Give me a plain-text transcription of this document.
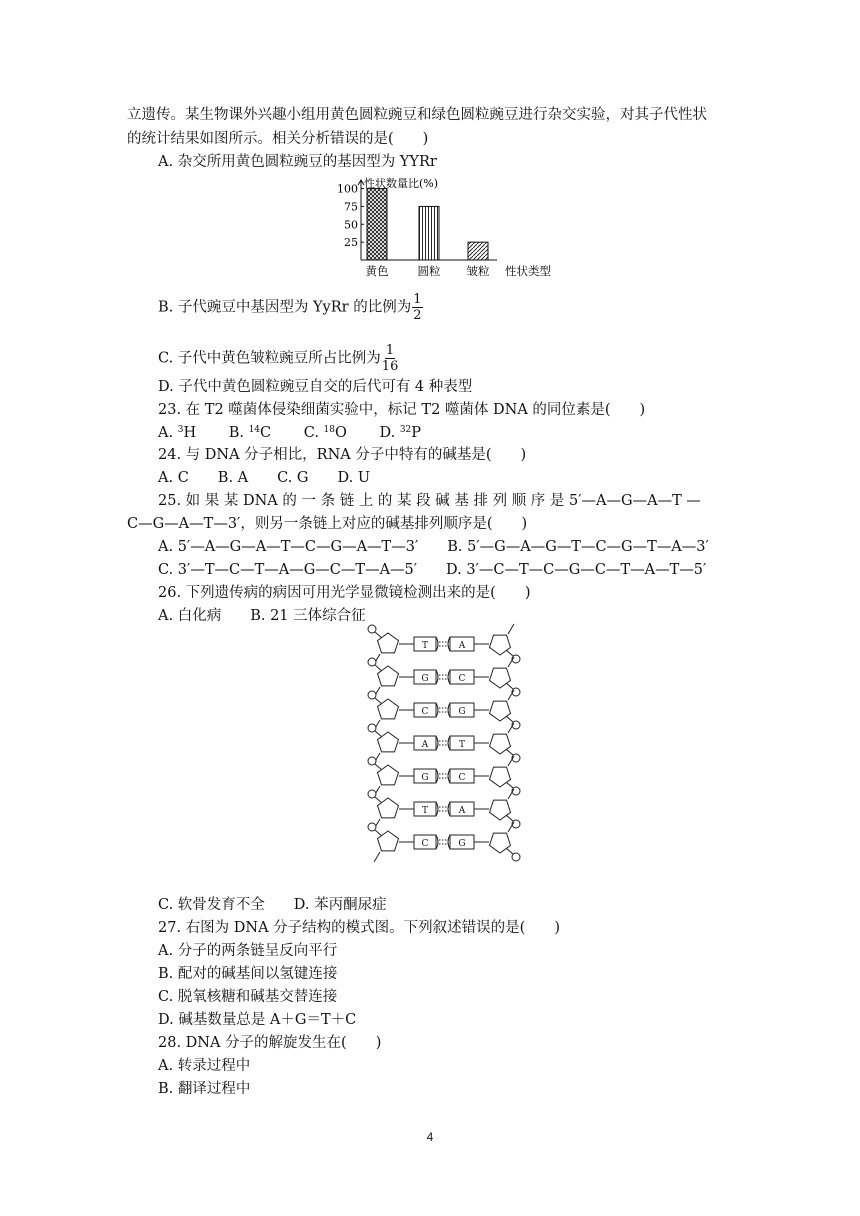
立遗传。某生物课外兴趣小组用黄色圆粒豌豆和绿色圆粒豌豆进行杂交实验，对其子代性状
的统计结果如图所示。相关分析错误的是(　　)
A. 杂交所用黄色圆粒豌豆的基因型为 YYRr
性状数量比(%)
100
75
50
25
黄色	圆粒 皱粒 性状类型
B. 子代豌豆中基因型为 YyRr 的比例为 $\frac{1}{2}$
C. 子代中黄色皱粒豌豆所占比例为 $\frac{1}{16}$
D. 子代中黄色圆粒豌豆自交的后代可有 4 种表型
23. 在 T2 噬菌体侵染细菌实验中，标记 T2 噬菌体 DNA 的同位素是(　　)
A. $^3$H B. $^{14}$C C. $^{18}$O D. $^{32}$P
24. 与 DNA 分子相比，RNA 分子中特有的碱基是(　　)
A. C　　B. A　　C. G　　D. U
25. 如 果 某 DNA 的 一 条 链 上 的 某 段 碱 基 排 列 顺 序 是 5′—A—G—A—T —
C—G—A—T—3′，则另一条链上对应的碱基排列顺序是(　　)
A. 5′—A—G—A—T—C—G—A—T—3′　　B. 5′—G—A—G—T—C—G—T—A—3′
C. 3′—T—C—T—A—G—C—T—A—5′　　D. 3′—C—T—C—G—C—T—A—T—5′
26. 下列遗传病的病因可用光学显微镜检测出来的是(　　)
A. 白化病　　B. 21 三体综合征
T	A
G	C
C	G
A	T
G	C
T	A
C	G
C. 软骨发育不全　　D. 苯丙酮尿症
27. 右图为 DNA 分子结构的模式图。下列叙述错误的是(　　)
A. 分子的两条链呈反向平行
B. 配对的碱基间以氢键连接
C. 脱氧核糖和碱基交替连接
D. 碱基数量总是 A＋G＝T＋C
28. DNA 分子的解旋发生在(　　)
A. 转录过程中
B. 翻译过程中
4
